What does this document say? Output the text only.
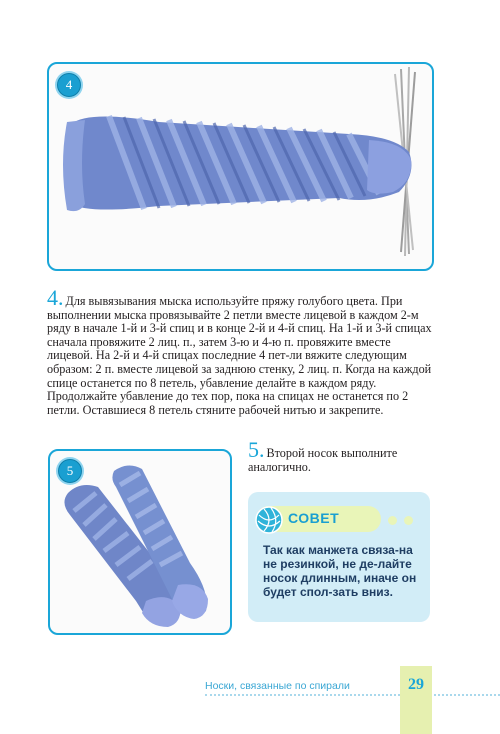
4
4. Для вывязывания мыска используйте пряжу голубого цвета. При выполнении мыска провязывайте 2 петли вместе лицевой в каждом 2-м ряду в начале 1-й и 3-й спиц и в конце 2-й и 4-й спиц. На 1-й и 3-й спицах сначала провяжите 2 лиц. п., затем 3-ю и 4-ю п. провяжите вместе лицевой. На 2-й и 4-й спицах последние 4 пет-ли вяжите следующим образом: 2 п. вместе лицевой за заднюю стенку, 2 лиц. п. Когда на каждой спице останется по 8 петель, убавление делайте в каждом ряду. Продолжайте убавление до тех пор, пока на спицах не останется по 2 петли. Оставшиеся 8 петель стяните рабочей нитью и закрепите.
5
5. Второй носок выполните аналогично.
СОВЕТ
Так как манжета связа-на не резинкой, не де-лайте носок длинным, иначе он будет спол-зать вниз.
Носки, связанные по спирали	29
